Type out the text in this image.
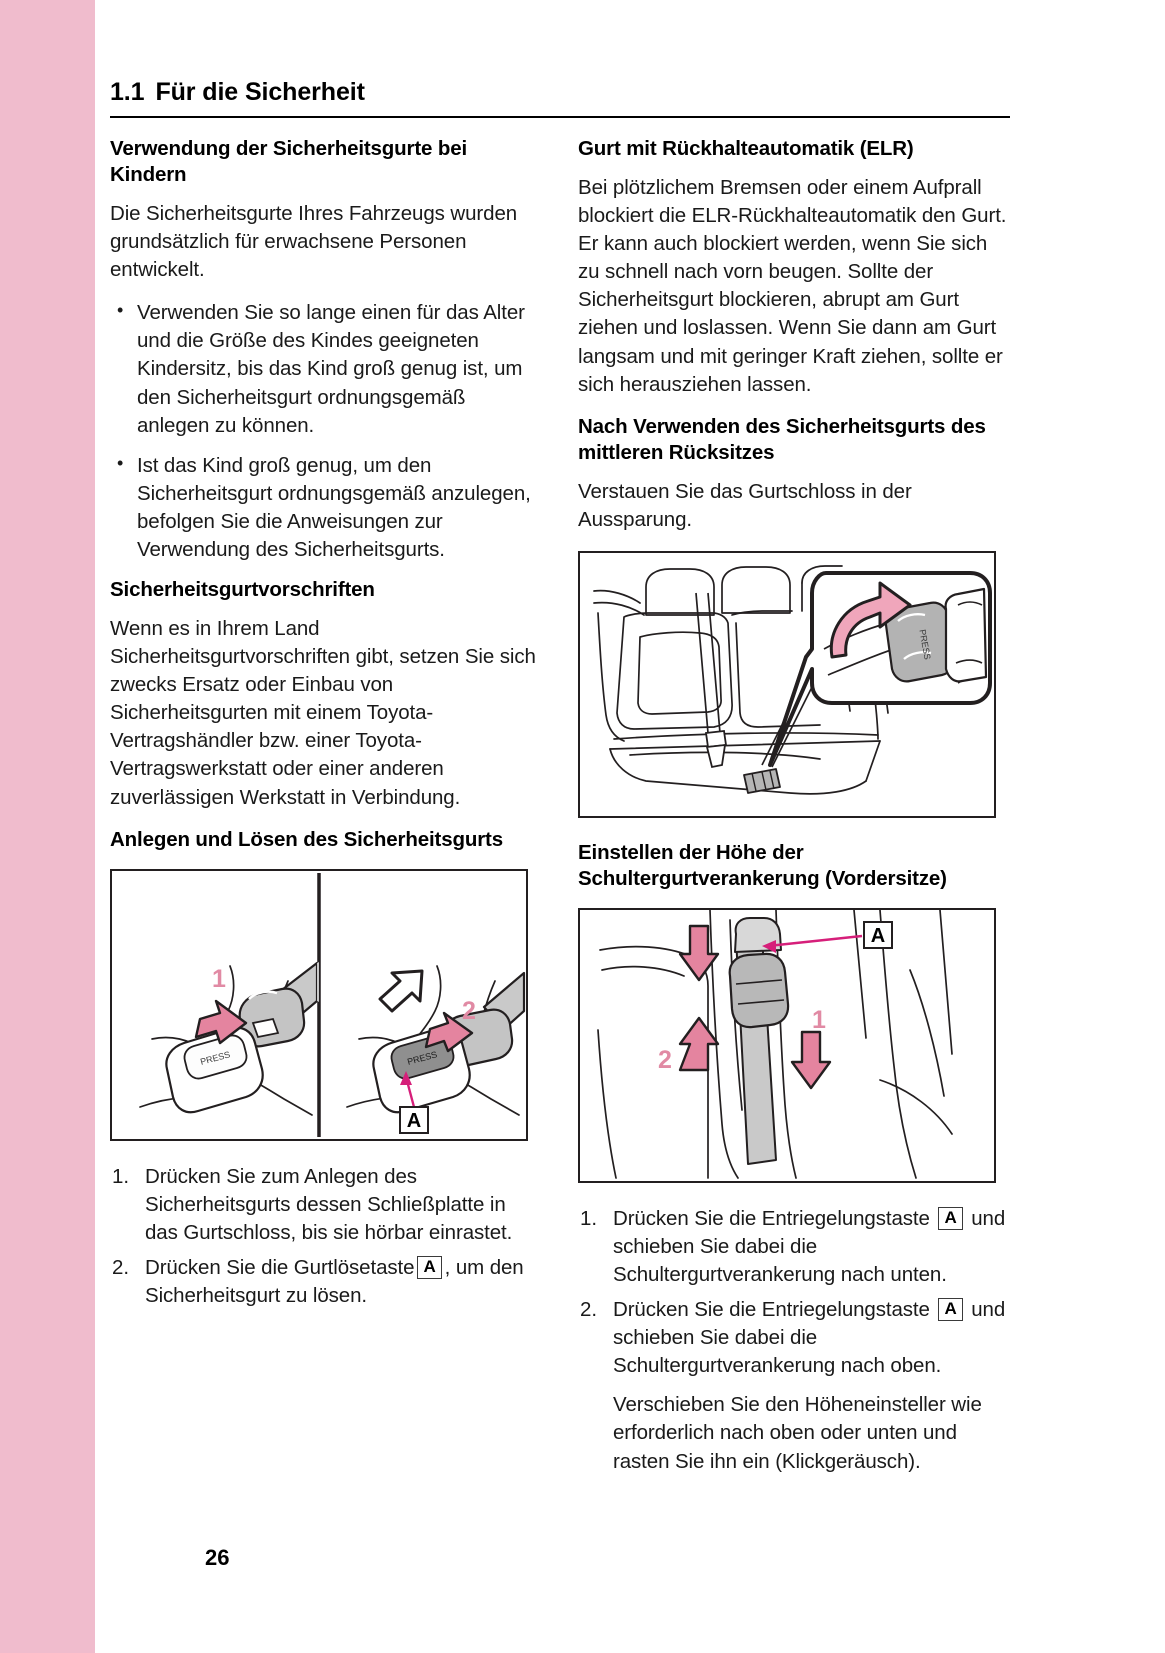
1.1 Für die Sicherheit
Verwendung der Sicherheitsgurte bei Kindern

Die Sicherheitsgurte Ihres Fahrzeugs wurden grundsätzlich für erwachsene Personen entwickelt.

• Verwenden Sie so lange einen für das Alter und die Größe des Kindes geeigneten Kindersitz, bis das Kind groß genug ist, um den Sicherheitsgurt ordnungsgemäß anlegen zu können.
• Ist das Kind groß genug, um den Sicherheitsgurt ordnungsgemäß anzulegen, befolgen Sie die Anweisungen zur Verwendung des Sicherheitsgurts.
Sicherheitsgurtvorschriften

Wenn es in Ihrem Land Sicherheitsgurtvorschriften gibt, setzen Sie sich zwecks Ersatz oder Einbau von Sicherheitsgurten mit einem Toyota-Vertragshändler bzw. einer Toyota-Vertragswerkstatt oder einer anderen zuverlässigen Werkstatt in Verbindung.

Anlegen und Lösen des Sicherheitsgurts
PRESS
1
PRESS
2
A
Drücken Sie zum Anlegen des Sicherheitsgurts dessen Schließplatte in das Gurtschloss, bis sie hörbar einrastet.
Drücken Sie die Gurtlösetaste A , um den Sicherheitsgurt zu lösen.
Gurt mit Rückhalteautomatik (ELR)

Bei plötzlichem Bremsen oder einem Aufprall blockiert die ELR-Rückhalteautomatik den Gurt. Er kann auch blockiert werden, wenn Sie sich zu schnell nach vorn beugen. Sollte der Sicherheitsgurt blockieren, abrupt am Gurt ziehen und loslassen. Wenn Sie dann am Gurt langsam und mit geringer Kraft ziehen, sollte er sich herausziehen lassen.

Nach Verwenden des Sicherheitsgurts des mittleren Rücksitzes

Verstauen Sie das Gurtschloss in der Aussparung.

PRESS
Einstellen der Höhe der Schultergurtverankerung (Vordersitze)
2
1
A
Drücken Sie die Entriegelungstaste A und schieben Sie dabei die Schultergurtverankerung nach unten.
Drücken Sie die Entriegelungstaste A und schieben Sie dabei die Schultergurtverankerung nach oben.

Verschieben Sie den Höheneinsteller wie erforderlich nach oben oder unten und rasten Sie ihn ein (Klickgeräusch).

26
